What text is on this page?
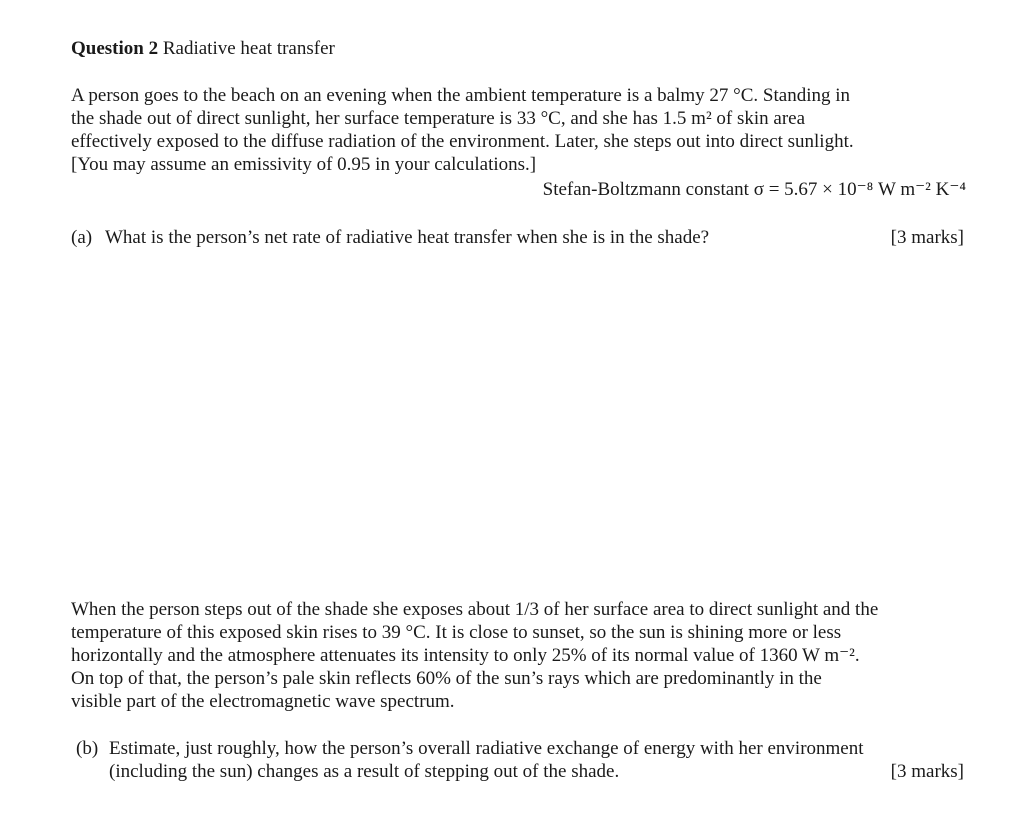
Question 2 Radiative heat transfer
A person goes to the beach on an evening when the ambient temperature is a balmy 27 °C. Standing in
the shade out of direct sunlight, her surface temperature is 33 °C, and she has 1.5 m² of skin area
effectively exposed to the diffuse radiation of the environment. Later, she steps out into direct sunlight.
[You may assume an emissivity of 0.95 in your calculations.]
Stefan-Boltzmann constant σ = 5.67 × 10⁻⁸ W m⁻² K⁻⁴
(a) What is the person’s net rate of radiative heat transfer when she is in the shade?	[3 marks]
When the person steps out of the shade she exposes about 1/3 of her surface area to direct sunlight and the
temperature of this exposed skin rises to 39 °C. It is close to sunset, so the sun is shining more or less
horizontally and the atmosphere attenuates its intensity to only 25% of its normal value of 1360 W m⁻².
On top of that, the person’s pale skin reflects 60% of the sun’s rays which are predominantly in the
visible part of the electromagnetic wave spectrum.
(b) Estimate, just roughly, how the person’s overall radiative exchange of energy with her environment
(including the sun) changes as a result of stepping out of the shade.	[3 marks]
